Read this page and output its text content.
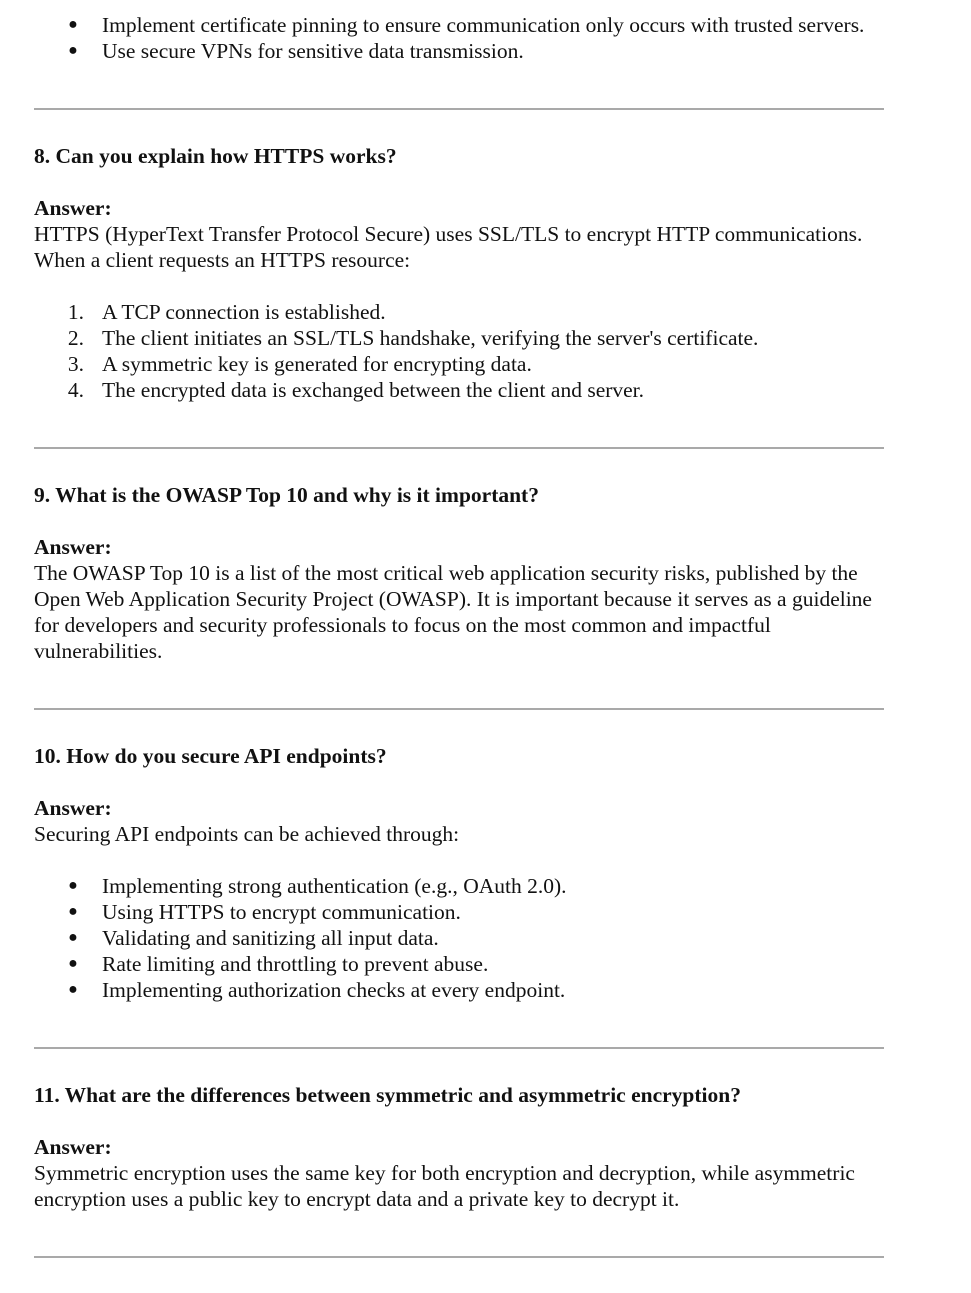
● Implement certificate pinning to ensure communication only occurs with trusted servers.
● Use secure VPNs for sensitive data transmission.
8. Can you explain how HTTPS works?

Answer:

HTTPS (HyperText Transfer Protocol Secure) uses SSL/TLS to encrypt HTTP communications. When a client requests an HTTPS resource:

1. A TCP connection is established.
2. The client initiates an SSL/TLS handshake, verifying the server's certificate.
3. A symmetric key is generated for encrypting data.
4. The encrypted data is exchanged between the client and server.
9. What is the OWASP Top 10 and why is it important?

Answer:

The OWASP Top 10 is a list of the most critical web application security risks, published by the Open Web Application Security Project (OWASP). It is important because it serves as a guideline for developers and security professionals to focus on the most common and impactful vulnerabilities.

10. How do you secure API endpoints?

Answer:

Securing API endpoints can be achieved through:

● Implementing strong authentication (e.g., OAuth 2.0).
● Using HTTPS to encrypt communication.
● Validating and sanitizing all input data.
● Rate limiting and throttling to prevent abuse.
● Implementing authorization checks at every endpoint.
11. What are the differences between symmetric and asymmetric encryption?

Answer:

Symmetric encryption uses the same key for both encryption and decryption, while asymmetric encryption uses a public key to encrypt data and a private key to decrypt it.
